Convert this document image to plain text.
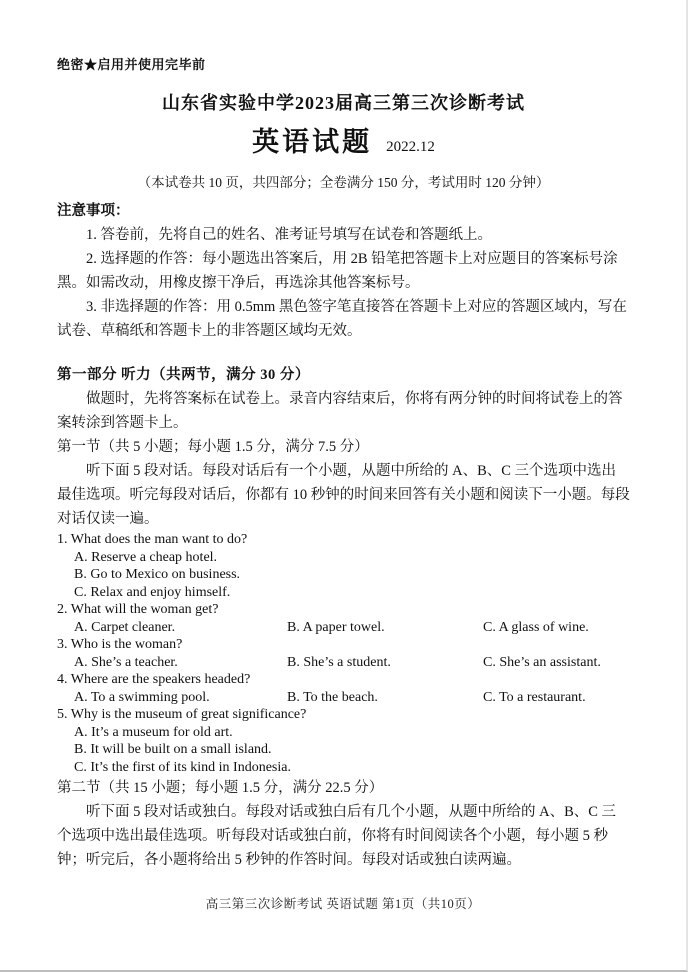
绝密★启用并使用完毕前
山东省实验中学2023届高三第三次诊断考试
英语试题 2022.12
（本试卷共 10 页，共四部分；全卷满分 150 分，考试用时 120 分钟）
注意事项：

1. 答卷前，先将自己的姓名、准考证号填写在试卷和答题纸上。

2. 选择题的作答：每小题选出答案后，用 2B 铅笔把答题卡上对应题目的答案标号涂黑。如需改动，用橡皮擦干净后，再选涂其他答案标号。

3. 非选择题的作答：用 0.5mm 黑色签字笔直接答在答题卡上对应的答题区域内，写在试卷、草稿纸和答题卡上的非答题区域均无效。

第一部分 听力（共两节，满分 30 分）

做题时，先将答案标在试卷上。录音内容结束后，你将有两分钟的时间将试卷上的答案转涂到答题卡上。

第一节（共 5 小题；每小题 1.5 分，满分 7.5 分）

听下面 5 段对话。每段对话后有一个小题，从题中所给的 A、B、C 三个选项中选出最佳选项。听完每段对话后，你都有 10 秒钟的时间来回答有关小题和阅读下一小题。每段对话仅读一遍。

1. What does the man want to do?
A. Reserve a cheap hotel.
B. Go to Mexico on business.
C. Relax and enjoy himself.
2. What will the woman get?
A. Carpet cleaner.	B. A paper towel.	C. A glass of wine.
3. Who is the woman?
A. She’s a teacher.	B. She’s a student.	C. She’s an assistant.
4. Where are the speakers headed?
A. To a swimming pool.	B. To the beach.	C. To a restaurant.
5. Why is the museum of great significance?
A. It’s a museum for old art.
B. It will be built on a small island.
C. It’s the first of its kind in Indonesia.
第二节（共 15 小题；每小题 1.5 分，满分 22.5 分）

听下面 5 段对话或独白。每段对话或独白后有几个小题，从题中所给的 A、B、C 三个选项中选出最佳选项。听每段对话或独白前，你将有时间阅读各个小题，每小题 5 秒钟；听完后，各小题将给出 5 秒钟的作答时间。每段对话或独白读两遍。

高三第三次诊断考试 英语试题 第1页（共10页）
